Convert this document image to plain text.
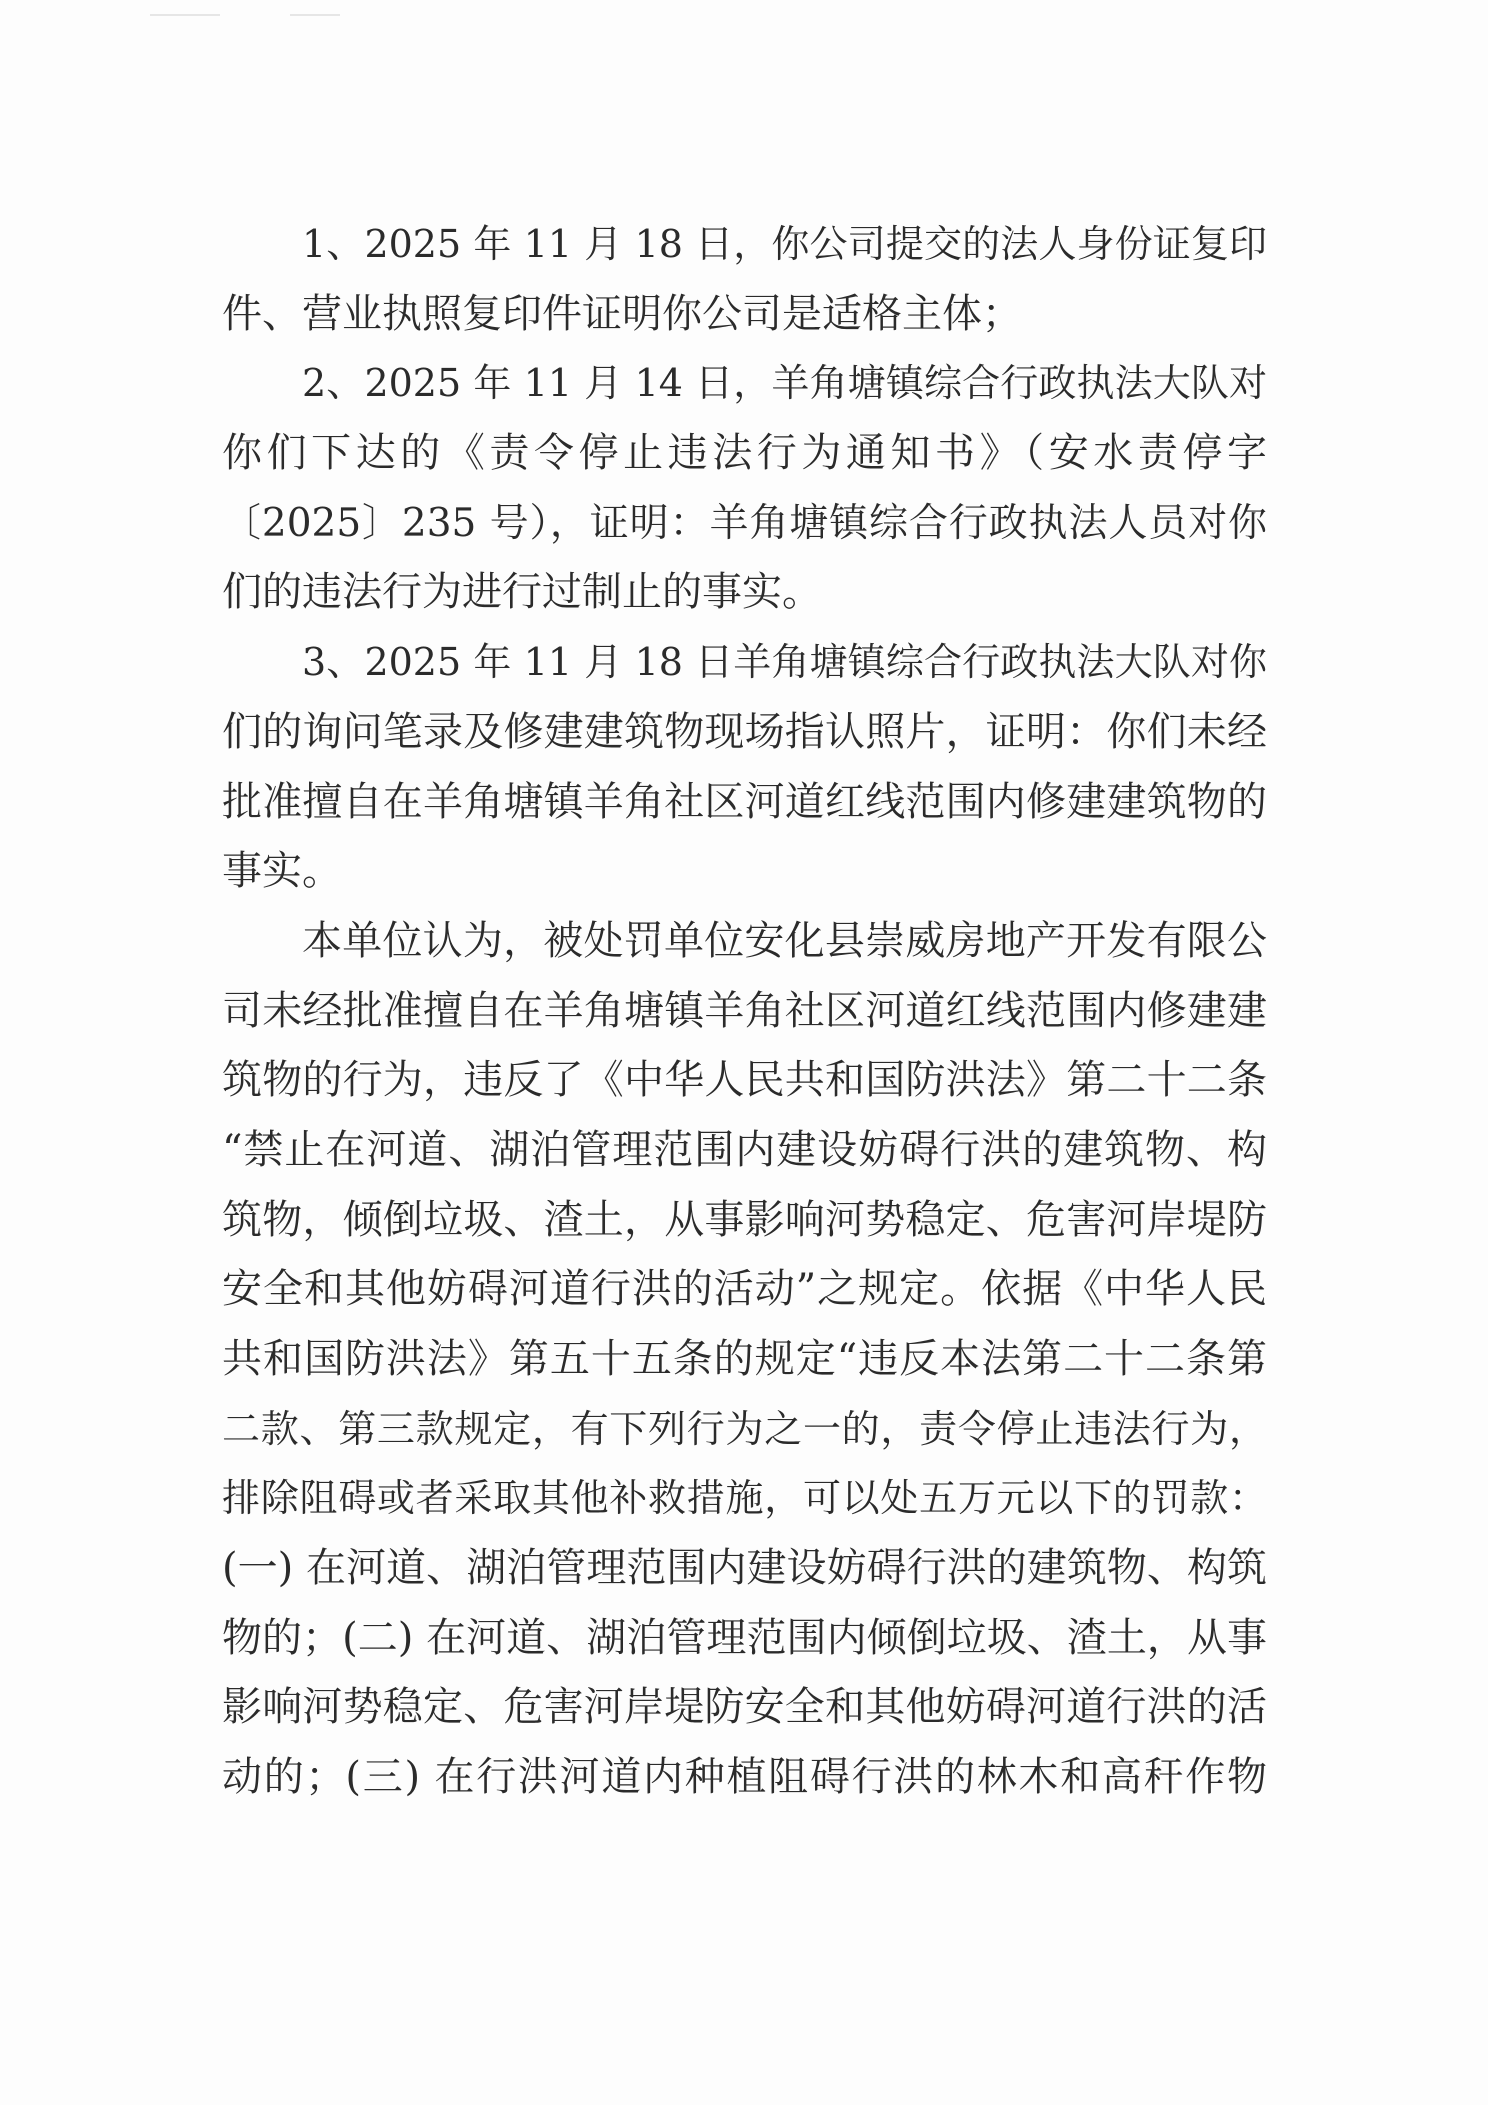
1、2025 年 11 月 18 日，你公司提交的法人身份证复印
件、营业执照复印件证明你公司是适格主体；
2、2025 年 11 月 14 日，羊角塘镇综合行政执法大队对
你们下达的《责令停止违法行为通知书》（安水责停字
〔2025〕235 号），证明：羊角塘镇综合行政执法人员对你
们的违法行为进行过制止的事实。
3、2025 年 11 月 18 日羊角塘镇综合行政执法大队对你
们的询问笔录及修建建筑物现场指认照片，证明：你们未经
批准擅自在羊角塘镇羊角社区河道红线范围内修建建筑物的
事实。
本单位认为，被处罚单位安化县崇威房地产开发有限公
司未经批准擅自在羊角塘镇羊角社区河道红线范围内修建建
筑物的行为，违反了《中华人民共和国防洪法》第二十二条
“禁止在河道、湖泊管理范围内建设妨碍行洪的建筑物、构
筑物，倾倒垃圾、渣土，从事影响河势稳定、危害河岸堤防
安全和其他妨碍河道行洪的活动”之规定。依据《中华人民
共和国防洪法》第五十五条的规定“违反本法第二十二条第
二款、第三款规定，有下列行为之一的，责令停止违法行为，
排除阻碍或者采取其他补救措施，可以处五万元以下的罚款：
(一) 在河道、湖泊管理范围内建设妨碍行洪的建筑物、构筑
物的；(二) 在河道、湖泊管理范围内倾倒垃圾、渣土，从事
影响河势稳定、危害河岸堤防安全和其他妨碍河道行洪的活
动的；(三) 在行洪河道内种植阻碍行洪的林木和高秆作物
